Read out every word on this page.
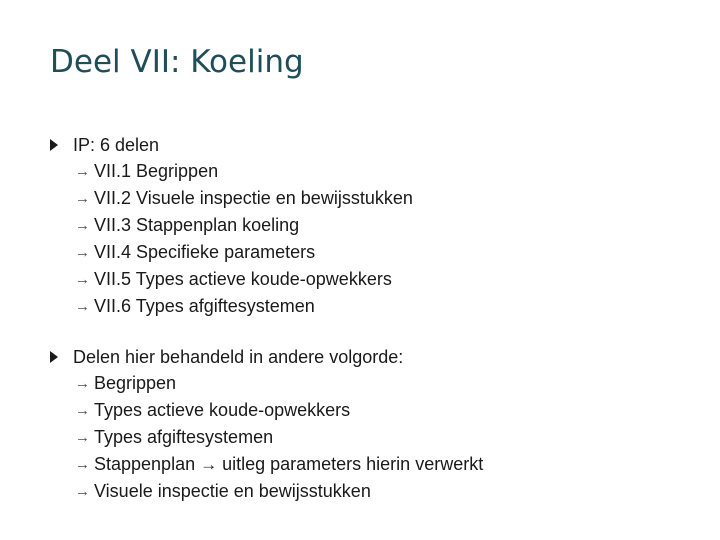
Deel VII: Koeling
IP: 6 delen
→ VII.1 Begrippen
→ VII.2 Visuele inspectie en bewijsstukken
→ VII.3 Stappenplan koeling
→ VII.4 Specifieke parameters
→ VII.5 Types actieve koude-opwekkers
→ VII.6 Types afgiftesystemen
Delen hier behandeld in andere volgorde:
→ Begrippen
→ Types actieve koude-opwekkers
→ Types afgiftesystemen
→ Stappenplan → uitleg parameters hierin verwerkt
→ Visuele inspectie en bewijsstukken
